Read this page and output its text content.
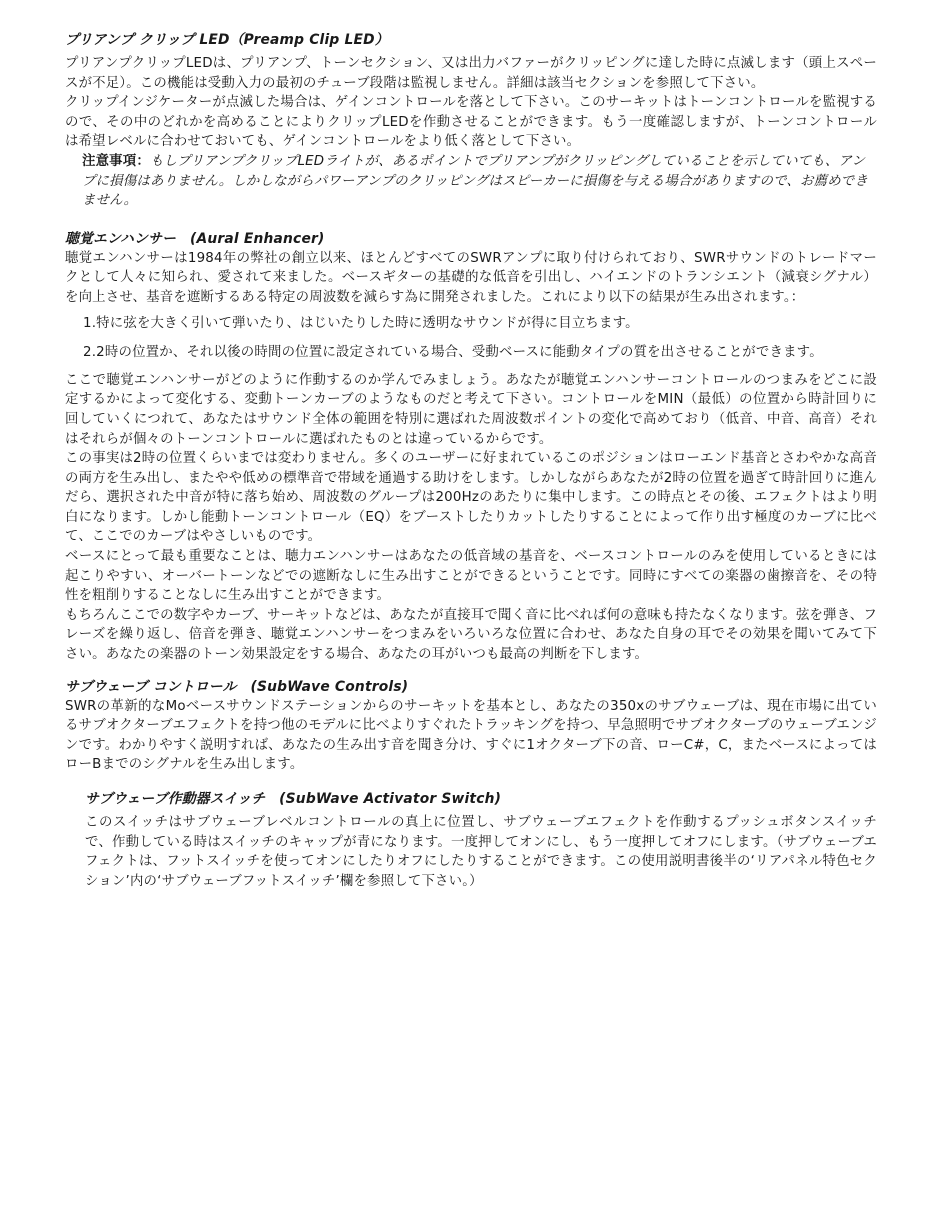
プリアンプ クリップ LED（Preamp Clip LED）

プリアンプクリップLEDは、プリアンプ、トーンセクション、又は出力バファーがクリッピングに達した時に点滅します（頭上スペースが不足）。この機能は受動入力の最初のチューブ段階は監視しません。詳細は該当セクションを参照して下さい。

クリップインジケーターが点滅した場合は、ゲインコントロールを落として下さい。このサーキットはトーンコントロールを監視するので、その中のどれかを高めることによりクリップLEDを作動させることができます。もう一度確認しますが、トーンコントロールは希望レベルに合わせておいても、ゲインコントロールをより低く落として下さい。

注意事項：もしプリアンプクリップLEDライトが、あるポイントでプリアンプがクリッピングしていることを示していても、アンプに損傷はありません。しかしながらパワーアンプのクリッピングはスピーカーに損傷を与える場合がありますので、お薦めできません。

聴覚エンハンサー　(Aural Enhancer)

聴覚エンハンサーは1984年の弊社の創立以来、ほとんどすべてのSWRアンプに取り付けられており、SWRサウンドのトレードマークとして人々に知られ、愛されて来ました。ベースギターの基礎的な低音を引出し、ハイエンドのトランシエント（減衰シグナル）を向上させ、基音を遮断するある特定の周波数を減らす為に開発されました。これにより以下の結果が生み出されます。：

1.特に弦を大きく引いて弾いたり、はじいたりした時に透明なサウンドが得に目立ちます。
2.2時の位置か、それ以後の時間の位置に設定されている場合、受動ベースに能動タイプの質を出させることができます。

ここで聴覚エンハンサーがどのように作動するのか学んでみましょう。あなたが聴覚エンハンサーコントロールのつまみをどこに設定するかによって変化する、変動トーンカーブのようなものだと考えて下さい。コントロールをMIN（最低）の位置から時計回りに回していくにつれて、あなたはサウンド全体の範囲を特別に選ばれた周波数ポイントの変化で高めており（低音、中音、高音）それはそれらが個々のトーンコントロールに選ばれたものとは違っているからです。

この事実は2時の位置くらいまでは変わりません。多くのユーザーに好まれているこのポジションはローエンド基音とさわやかな高音の両方を生み出し、またやや低めの標準音で帯域を通過する助けをします。しかしながらあなたが2時の位置を過ぎて時計回りに進んだら、選択された中音が特に落ち始め、周波数のグループは200Hzのあたりに集中します。この時点とその後、エフェクトはより明白になります。しかし能動トーンコントロール（EQ）をブーストしたりカットしたりすることによって作り出す極度のカーブに比べて、ここでのカーブはやさしいものです。

ベースにとって最も重要なことは、聴力エンハンサーはあなたの低音域の基音を、ベースコントロールのみを使用しているときには起こりやすい、オーバートーンなどでの遮断なしに生み出すことができるということです。同時にすべての楽器の歯擦音を、その特性を粗削りすることなしに生み出すことができます。

もちろんここでの数字やカーブ、サーキットなどは、あなたが直接耳で聞く音に比べれば何の意味も持たなくなります。弦を弾き、フレーズを繰り返し、倍音を弾き、聴覚エンハンサーをつまみをいろいろな位置に合わせ、あなた自身の耳でその効果を聞いてみて下さい。あなたの楽器のトーン効果設定をする場合、あなたの耳がいつも最高の判断を下します。

サブウェーブ コントロール　(SubWave Controls)

SWRの革新的なMoベースサウンドステーションからのサーキットを基本とし、あなたの350xのサブウェーブは、現在市場に出ているサブオクターブエフェクトを持つ他のモデルに比べよりすぐれたトラッキングを持つ、早急照明でサブオクターブのウェーブエンジンです。わかりやすく説明すれば、あなたの生み出す音を聞き分け、すぐに1オクターブ下の音、ローC#，C，またベースによってはローBまでのシグナルを生み出します。

サブウェーブ作動器スイッチ　(SubWave Activator Switch)

このスイッチはサブウェーブレベルコントロールの真上に位置し、サブウェーブエフェクトを作動するプッシュボタンスイッチで、作動している時はスイッチのキャップが青になります。一度押してオンにし、もう一度押してオフにします。（サブウェーブエフェクトは、フットスイッチを使ってオンにしたりオフにしたりすることができます。この使用説明書後半の‘リアパネル特色セクション’内の‘サブウェーブフットスイッチ’欄を参照して下さい。）
